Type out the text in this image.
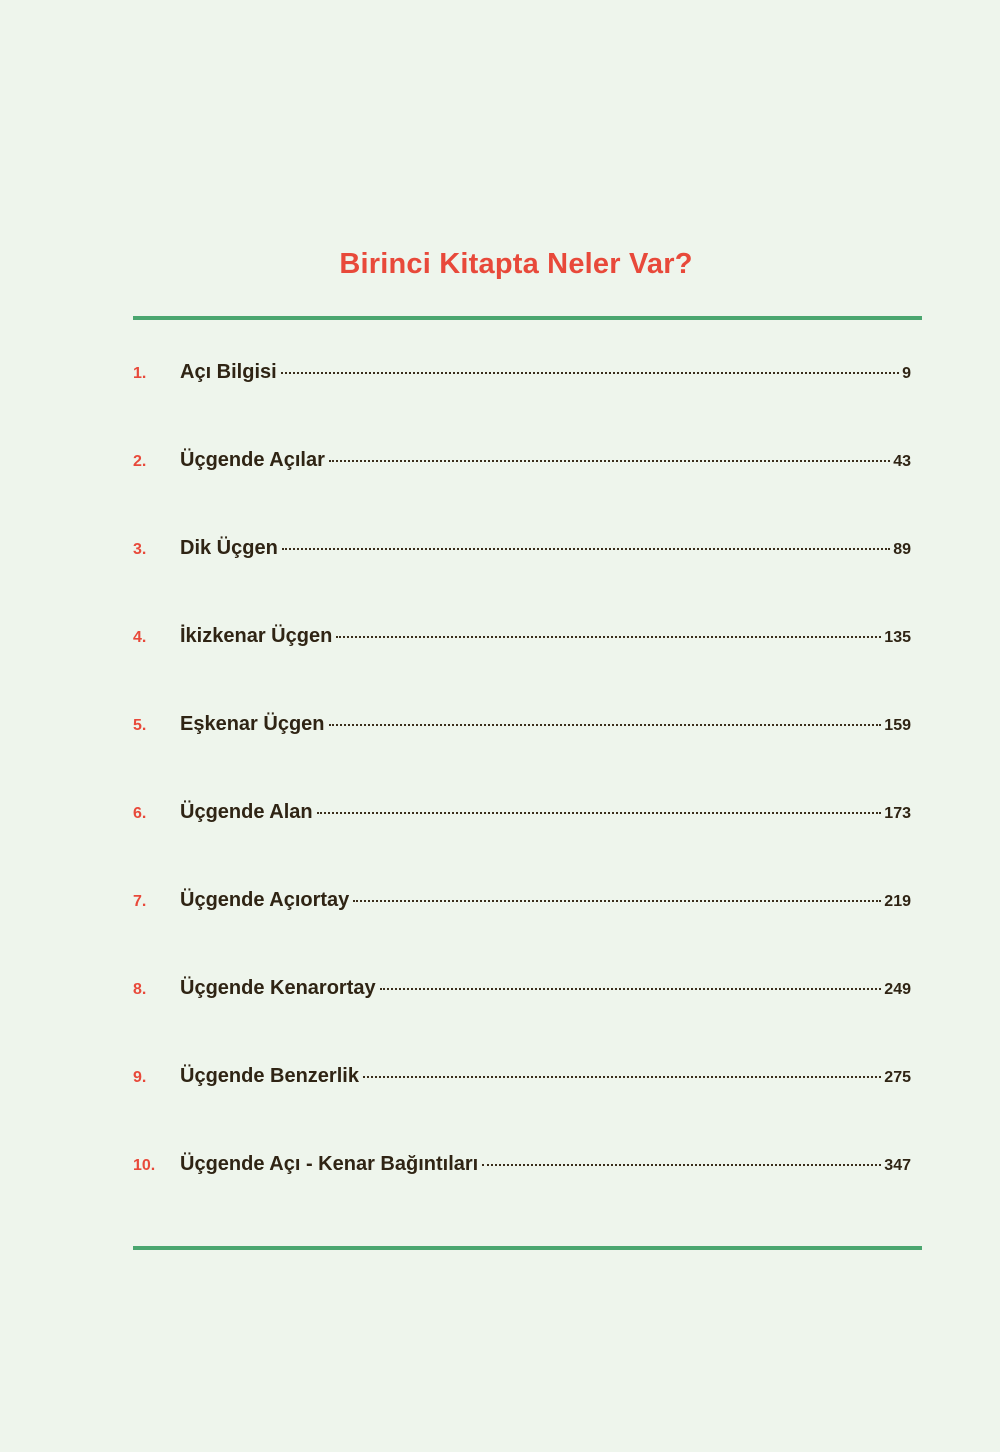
Birinci Kitapta Neler Var?
1.	Açı Bilgisi	9
2.	Üçgende Açılar	43
3.	Dik Üçgen	89
4.	İkizkenar Üçgen	135
5.	Eşkenar Üçgen	159
6.	Üçgende Alan	173
7.	Üçgende Açıortay	219
8.	Üçgende Kenarortay	249
9.	Üçgende Benzerlik	275
10.	Üçgende Açı - Kenar Bağıntıları	347
